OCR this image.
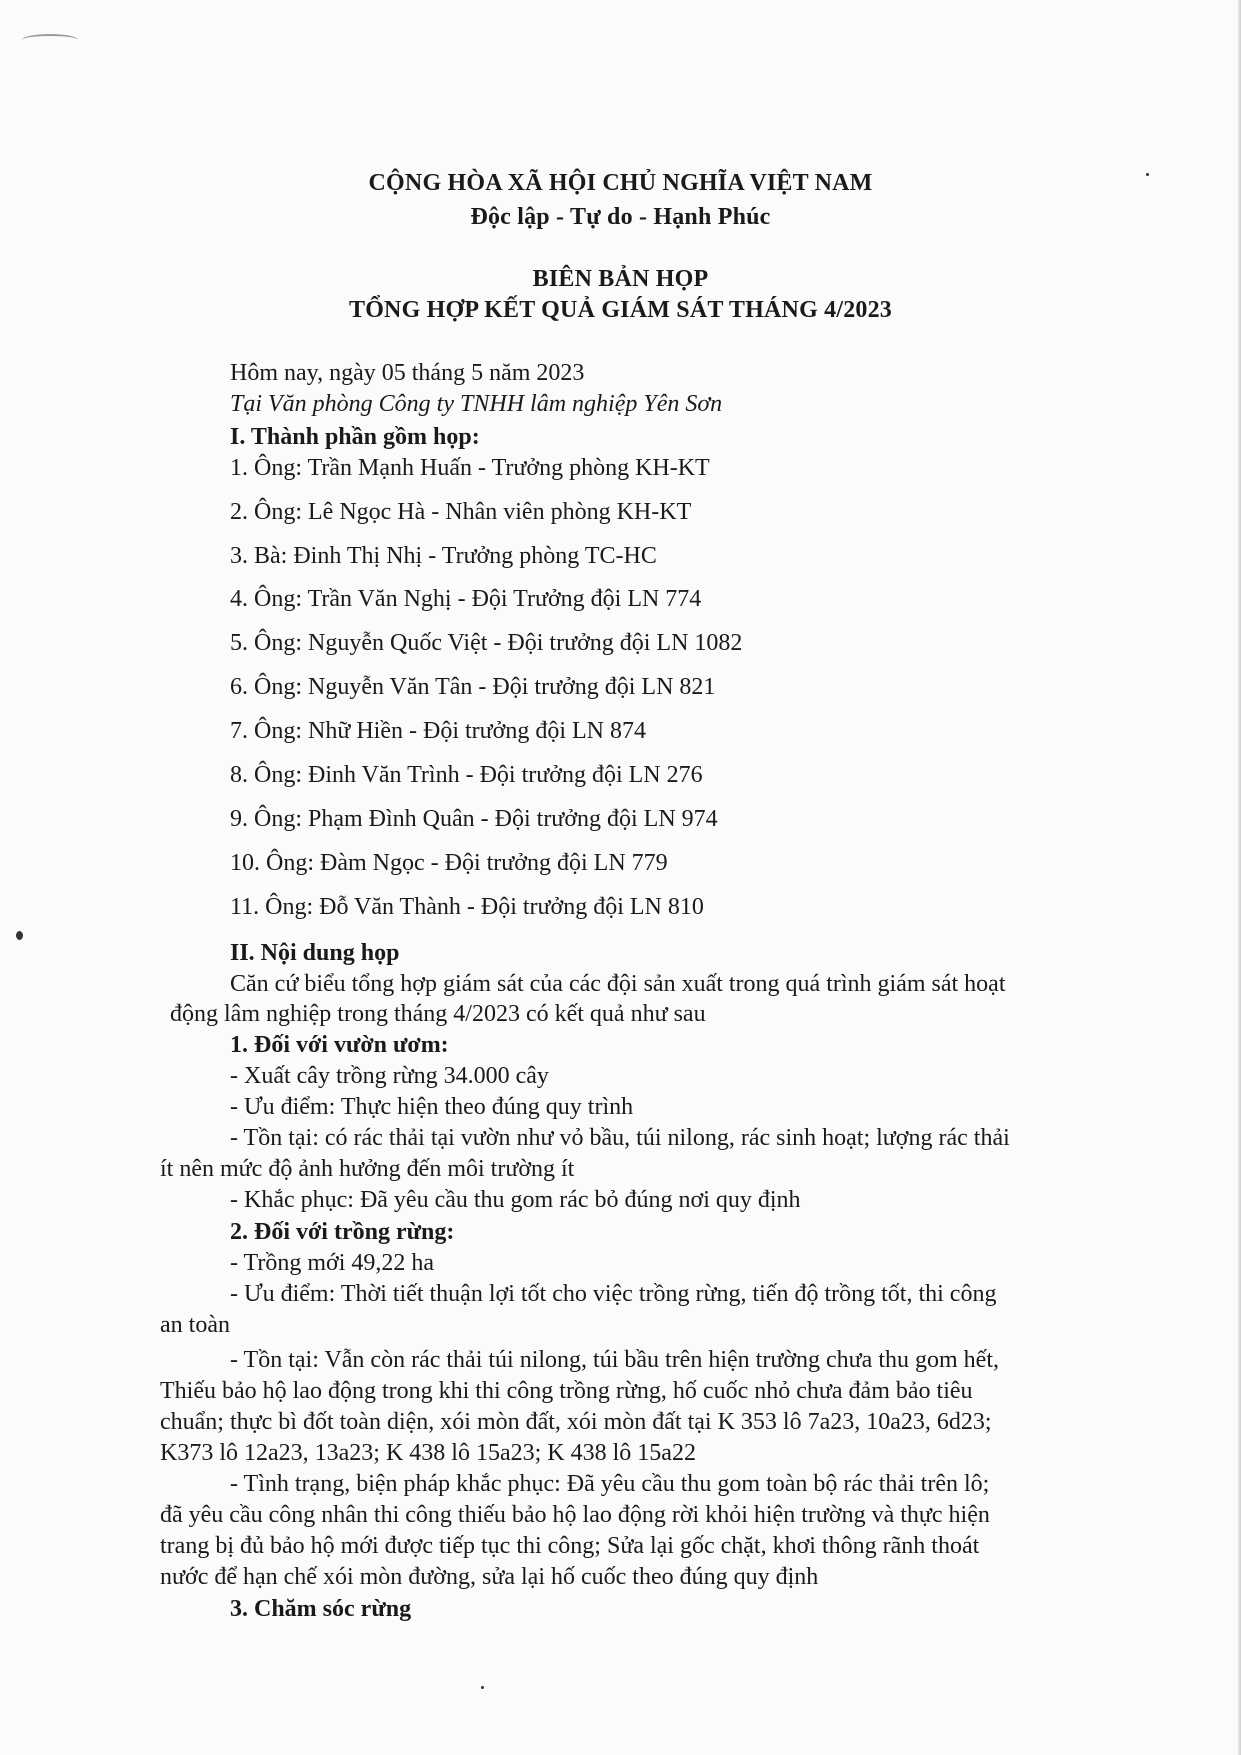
CỘNG HÒA XÃ HỘI CHỦ NGHĨA VIỆT NAM
Độc lập - Tự do - Hạnh Phúc
BIÊN BẢN HỌP
TỔNG HỢP KẾT QUẢ GIÁM SÁT THÁNG 4/2023
Hôm nay, ngày 05 tháng 5 năm 2023
Tại Văn phòng Công ty TNHH lâm nghiệp Yên Sơn
I. Thành phần gồm họp:
1. Ông: Trần Mạnh Huấn - Trưởng phòng KH-KT
2. Ông: Lê Ngọc Hà - Nhân viên phòng KH-KT
3. Bà: Đinh Thị Nhị - Trưởng phòng TC-HC
4. Ông: Trần Văn Nghị - Đội Trưởng đội LN 774
5. Ông: Nguyễn Quốc Việt - Đội trưởng đội LN 1082
6. Ông: Nguyễn Văn Tân - Đội trưởng đội LN 821
7. Ông: Nhữ Hiền - Đội trưởng đội LN 874
8. Ông: Đinh Văn Trình - Đội trưởng đội LN 276
9. Ông: Phạm Đình Quân - Đội trưởng đội LN 974
10. Ông: Đàm Ngọc - Đội trưởng đội LN 779
11. Ông: Đỗ Văn Thành - Đội trưởng đội LN 810
II. Nội dung họp
Căn cứ biểu tổng hợp giám sát của các đội sản xuất trong quá trình giám sát hoạt
động lâm nghiệp trong tháng 4/2023 có kết quả như sau
1. Đối với vườn ươm:
- Xuất cây trồng rừng 34.000 cây
- Ưu điểm: Thực hiện theo đúng quy trình
- Tồn tại: có rác thải tại vườn như vỏ bầu, túi nilong, rác sinh hoạt; lượng rác thải
ít nên mức độ ảnh hưởng đến môi trường ít
- Khắc phục: Đã yêu cầu thu gom rác bỏ đúng nơi quy định
2. Đối với trồng rừng:
- Trồng mới 49,22 ha
- Ưu điểm: Thời tiết thuận lợi tốt cho việc trồng rừng, tiến độ trồng tốt, thi công
an toàn
- Tồn tại: Vẫn còn rác thải túi nilong, túi bầu trên hiện trường chưa thu gom hết,
Thiếu bảo hộ lao động trong khi thi công trồng rừng, hố cuốc nhỏ chưa đảm bảo tiêu
chuẩn; thực bì đốt toàn diện, xói mòn đất, xói mòn đất tại K 353 lô 7a23, 10a23, 6d23;
K373 lô 12a23, 13a23; K 438 lô 15a23; K 438 lô 15a22
- Tình trạng, biện pháp khắc phục: Đã yêu cầu thu gom toàn bộ rác thải trên lô;
đã yêu cầu công nhân thi công thiếu bảo hộ lao động rời khỏi hiện trường và thực hiện
trang bị đủ bảo hộ mới được tiếp tục thi công; Sửa lại gốc chặt, khơi thông rãnh thoát
nước để hạn chế xói mòn đường, sửa lại hố cuốc theo đúng quy định
3. Chăm sóc rừng
